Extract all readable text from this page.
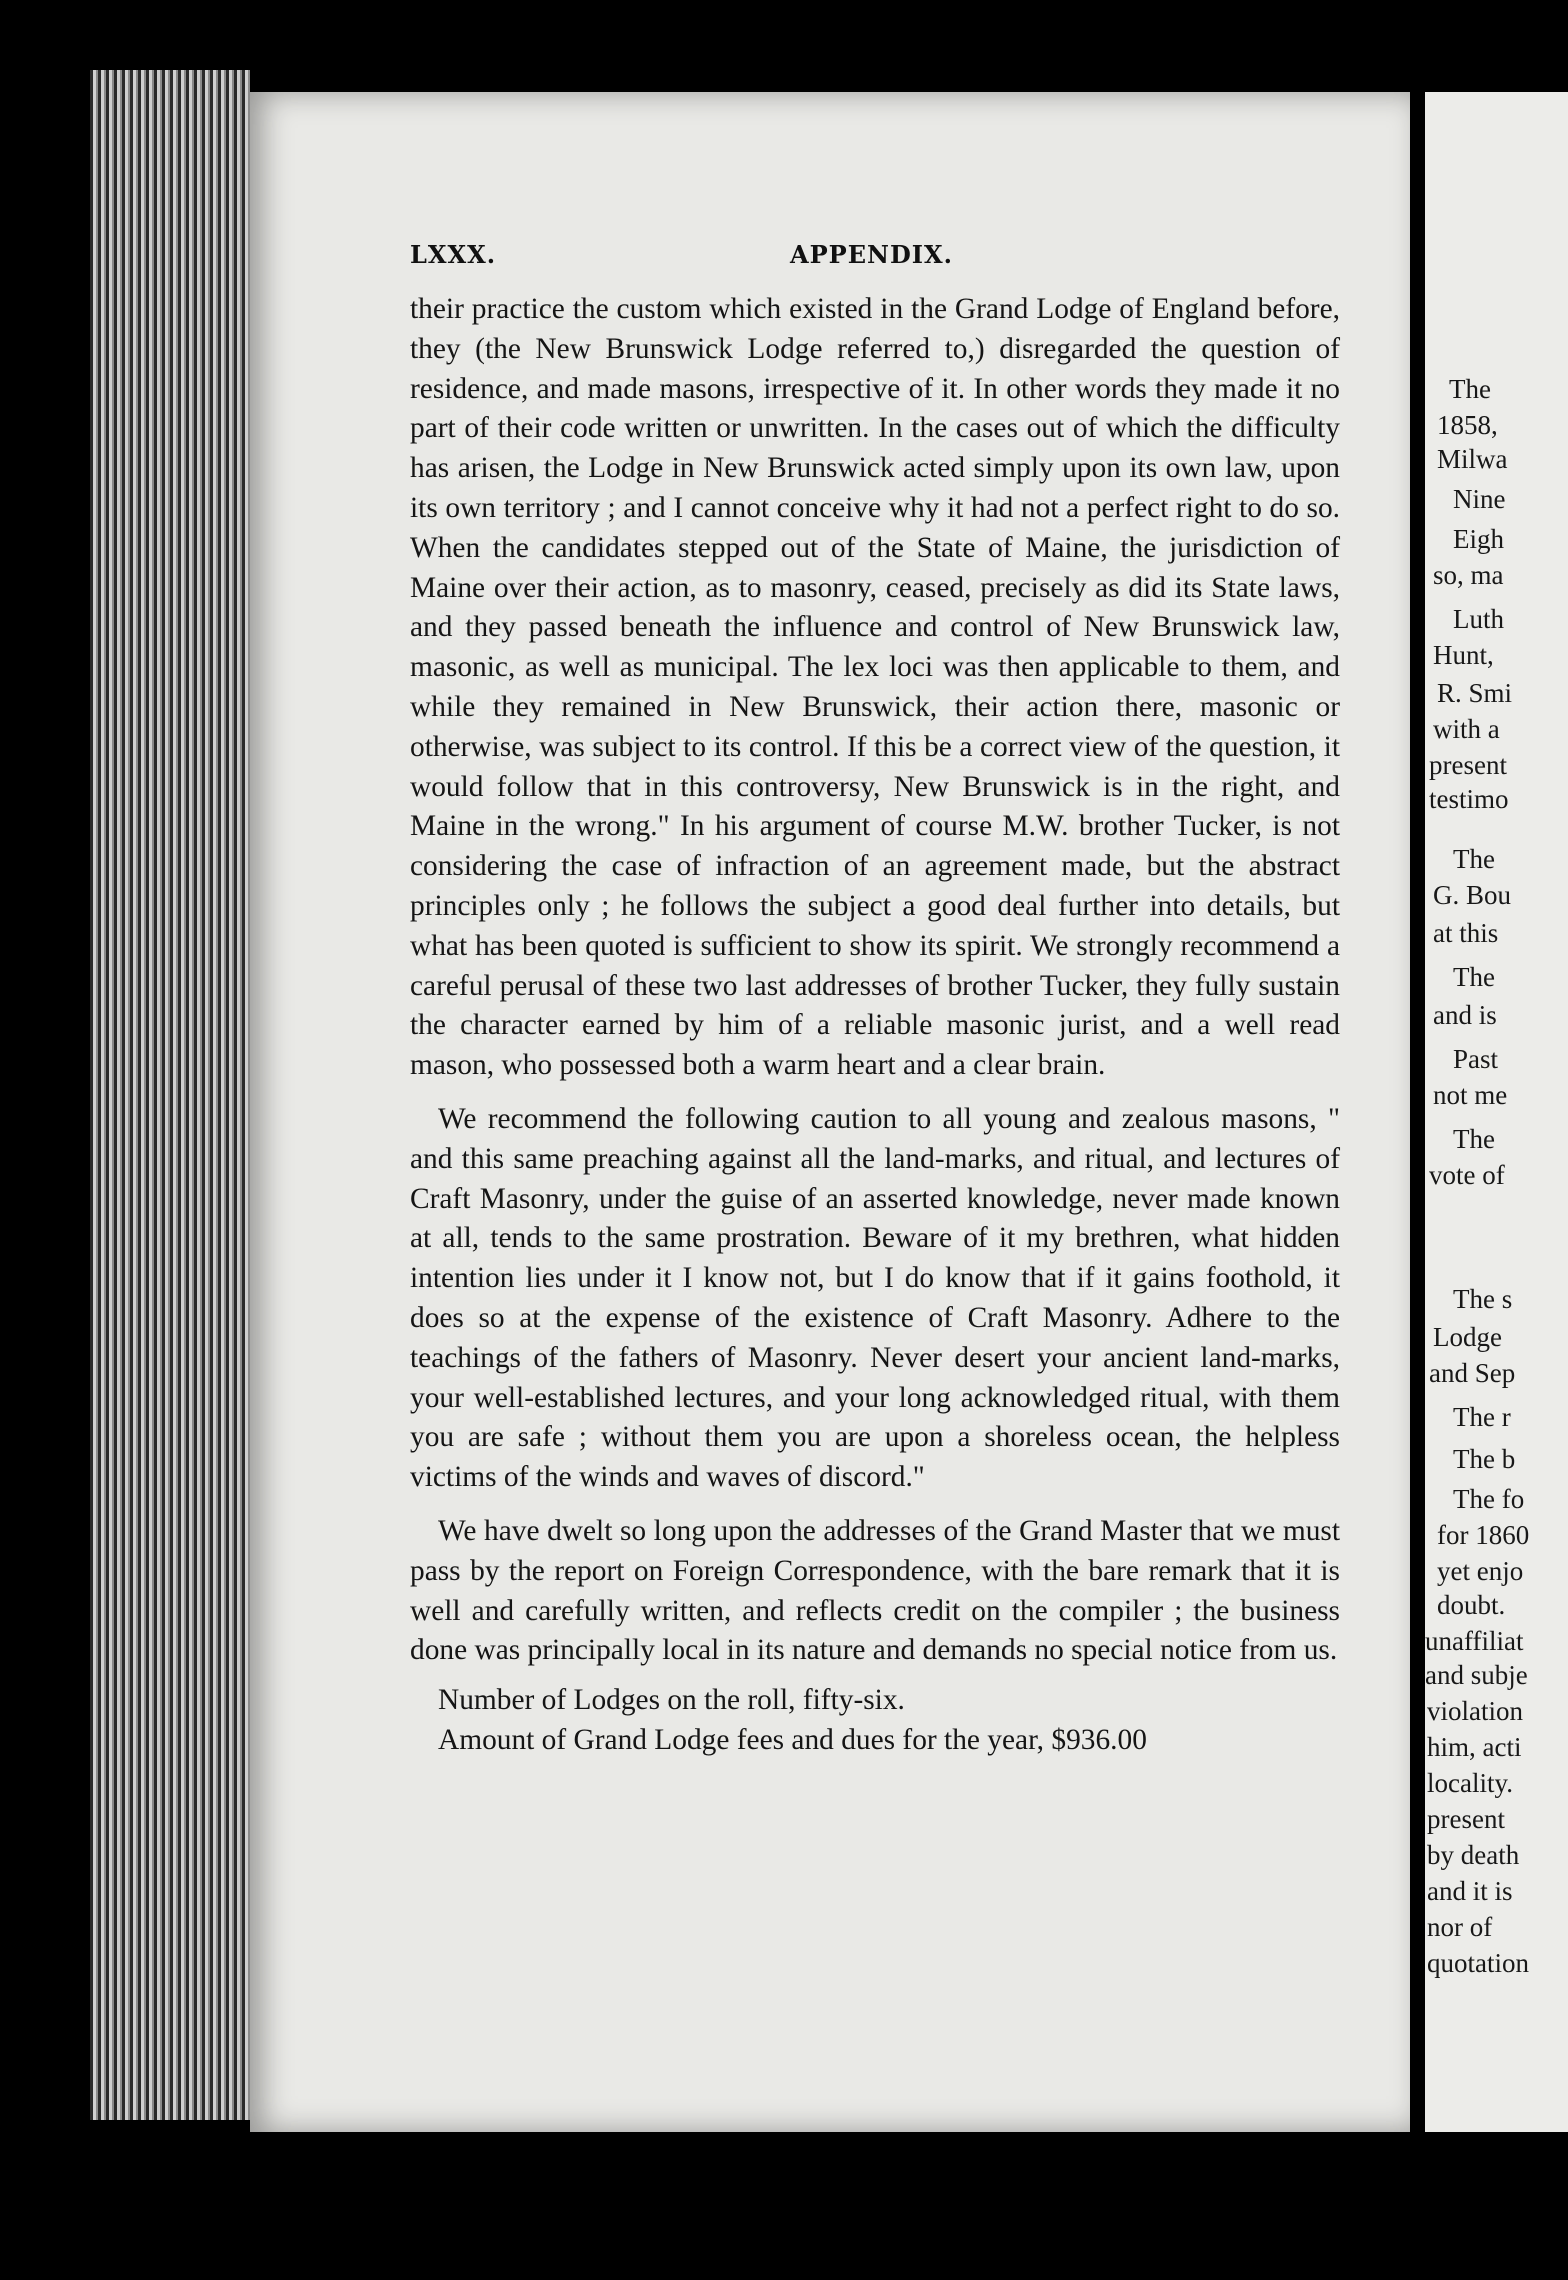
LXXX.	APPENDIX.

their practice the custom which existed in the Grand Lodge of England before, they (the New Brunswick Lodge referred to,) disregarded the question of residence, and made masons, irrespective of it. In other words they made it no part of their code written or unwritten. In the cases out of which the difficulty has arisen, the Lodge in New Brunswick acted simply upon its own law, upon its own territory ; and I cannot conceive why it had not a perfect right to do so. When the candidates stepped out of the State of Maine, the jurisdiction of Maine over their action, as to masonry, ceased, precisely as did its State laws, and they passed beneath the influence and control of New Brunswick law, masonic, as well as municipal. The lex loci was then applicable to them, and while they remained in New Brunswick, their action there, masonic or otherwise, was subject to its control. If this be a correct view of the question, it would follow that in this controversy, New Brunswick is in the right, and Maine in the wrong." In his argument of course M.W. brother Tucker, is not considering the case of infraction of an agreement made, but the abstract principles only ; he follows the subject a good deal further into details, but what has been quoted is sufficient to show its spirit. We strongly recommend a careful perusal of these two last addresses of brother Tucker, they fully sustain the character earned by him of a reliable masonic jurist, and a well read mason, who possessed both a warm heart and a clear brain.

We recommend the following caution to all young and zealous masons, " and this same preaching against all the land-marks, and ritual, and lectures of Craft Masonry, under the guise of an asserted knowledge, never made known at all, tends to the same prostration. Beware of it my brethren, what hidden intention lies under it I know not, but I do know that if it gains foothold, it does so at the expense of the existence of Craft Masonry. Adhere to the teachings of the fathers of Masonry. Never desert your ancient land-marks, your well-established lectures, and your long acknowledged ritual, with them you are safe ; without them you are upon a shoreless ocean, the helpless victims of the winds and waves of discord."

We have dwelt so long upon the addresses of the Grand Master that we must pass by the report on Foreign Correspondence, with the bare remark that it is well and carefully written, and reflects credit on the compiler ; the business done was principally local in its nature and demands no special notice from us.

Number of Lodges on the roll, fifty-six.

Amount of Grand Lodge fees and dues for the year, $936.00

The
1858,
Milwa
Nine
Eigh
so, ma
Luth
Hunt,
R. Smi
with a
present
testimo
The
G. Bou
at this
The
and is
Past
not me
The
vote of
The s
Lodge
and Sep
The r
The b
The fo
for 1860
yet enjo
doubt.
unaffiliat
and subje
violation
him, acti
locality.
present
by death
and it is
nor of
quotation
